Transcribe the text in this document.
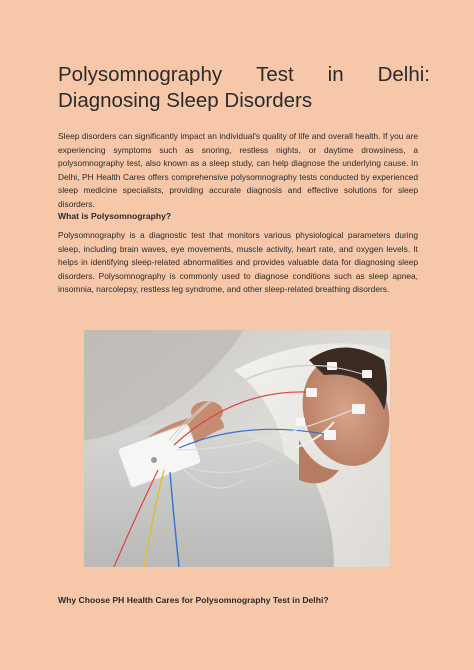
Polysomnography Test in Delhi:
Diagnosing Sleep Disorders

Sleep disorders can significantly impact an individual's quality of life and overall health. If you are experiencing symptoms such as snoring, restless nights, or daytime drowsiness, a polysomnography test, also known as a sleep study, can help diagnose the underlying cause. In Delhi, PH Health Cares offers comprehensive polysomnography tests conducted by experienced sleep medicine specialists, providing accurate diagnosis and effective solutions for sleep disorders.

What is Polysomnography?

Polysomnography is a diagnostic test that monitors various physiological parameters during sleep, including brain waves, eye movements, muscle activity, heart rate, and oxygen levels. It helps in identifying sleep-related abnormalities and provides valuable data for diagnosing sleep disorders. Polysomnography is commonly used to diagnose conditions such as sleep apnea, insomnia, narcolepsy, restless leg syndrome, and other sleep-related breathing disorders.

Why Choose PH Health Cares for Polysomnography Test in Delhi?
